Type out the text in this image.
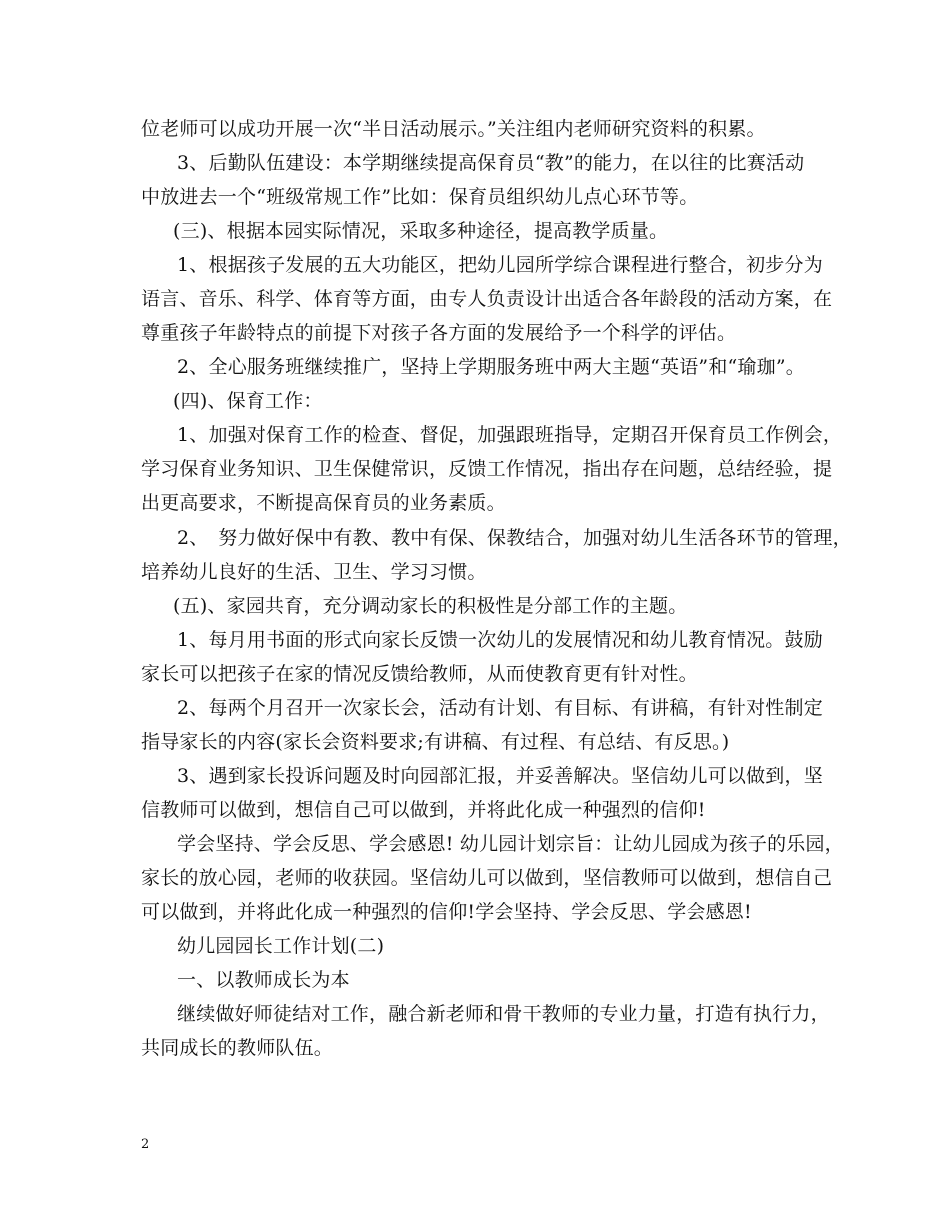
位老师可以成功开展一次“半日活动展示。”关注组内老师研究资料的积累。
3、后勤队伍建设：本学期继续提高保育员“教”的能力，在以往的比赛活动
中放进去一个“班级常规工作”比如：保育员组织幼儿点心环节等。
(三)、根据本园实际情况，采取多种途径，提高教学质量。
1、根据孩子发展的五大功能区，把幼儿园所学综合课程进行整合，初步分为
语言、音乐、科学、体育等方面，由专人负责设计出适合各年龄段的活动方案，在
尊重孩子年龄特点的前提下对孩子各方面的发展给予一个科学的评估。
2、全心服务班继续推广，坚持上学期服务班中两大主题“英语”和“瑜珈”。
(四)、保育工作：
1、加强对保育工作的检查、督促，加强跟班指导，定期召开保育员工作例会，
学习保育业务知识、卫生保健常识，反馈工作情况，指出存在问题，总结经验，提
出更高要求，不断提高保育员的业务素质。
2、　努力做好保中有教、教中有保、保教结合，加强对幼儿生活各环节的管理，
培养幼儿良好的生活、卫生、学习习惯。
(五)、家园共育，充分调动家长的积极性是分部工作的主题。
1、每月用书面的形式向家长反馈一次幼儿的发展情况和幼儿教育情况。鼓励
家长可以把孩子在家的情况反馈给教师，从而使教育更有针对性。
2、每两个月召开一次家长会，活动有计划、有目标、有讲稿，有针对性制定
指导家长的内容(家长会资料要求;有讲稿、有过程、有总结、有反思。)
3、遇到家长投诉问题及时向园部汇报，并妥善解决。坚信幼儿可以做到，坚
信教师可以做到，想信自己可以做到，并将此化成一种强烈的信仰!
学会坚持、学会反思、学会感恩! 幼儿园计划宗旨：让幼儿园成为孩子的乐园，
家长的放心园，老师的收获园。坚信幼儿可以做到，坚信教师可以做到，想信自己
可以做到，并将此化成一种强烈的信仰!学会坚持、学会反思、学会感恩!
幼儿园园长工作计划(二)
一、以教师成长为本
继续做好师徒结对工作，融合新老师和骨干教师的专业力量，打造有执行力，
共同成长的教师队伍。
2
